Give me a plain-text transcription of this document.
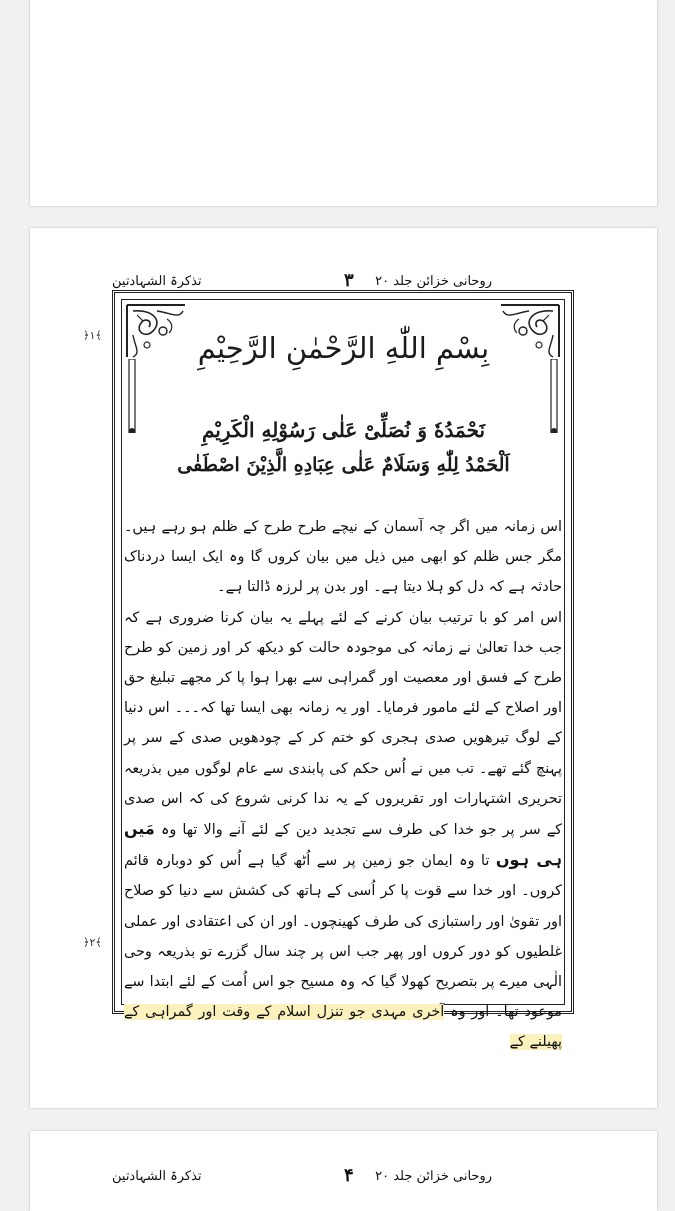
روحانی خزائن جلد ۲۰
۳
تذکرۃ الشہادتین
﴿۱﴾
﴿۲﴾
بِسْمِ اللّٰهِ الرَّحْمٰنِ الرَّحِيْمِ
نَحْمَدُهٗ وَ نُصَلِّیْ عَلٰی رَسُوْلِهِ الْكَرِيْمِ
اَلْحَمْدُ لِلّٰهِ وَسَلَامٌ عَلٰی عِبَادِهِ الَّذِيْنَ اصْطَفٰی

اس زمانہ میں اگر چہ آسمان کے نیچے طرح طرح کے ظلم ہو رہے ہیں۔ مگر جس ظلم کو ابھی میں ذیل میں بیان کروں گا وہ ایک ایسا دردناک حادثہ ہے کہ دل کو ہلا دیتا ہے۔ اور بدن پر لرزہ ڈالتا ہے۔

اس امر کو با ترتیب بیان کرنے کے لئے پہلے یہ بیان کرنا ضروری ہے کہ جب خدا تعالیٰ نے زمانہ کی موجودہ حالت کو دیکھ کر اور زمین کو طرح طرح کے فسق اور معصیت اور گمراہی سے بھرا ہوا پا کر مجھے تبلیغ حق اور اصلاح کے لئے مامور فرمایا۔ اور یہ زمانہ بھی ایسا تھا کہ۔۔۔ اس دنیا کے لوگ تیرھویں صدی ہجری کو ختم کر کے چودھویں صدی کے سر پر پہنچ گئے تھے۔ تب میں نے اُس حکم کی پابندی سے عام لوگوں میں بذریعہ تحریری اشتہارات اور تقریروں کے یہ ندا کرنی شروع کی کہ اس صدی کے سر پر جو خدا کی طرف سے تجدید دین کے لئے آنے والا تھا وہ مَیں ہی ہوں تا وہ ایمان جو زمین پر سے اُٹھ گیا ہے اُس کو دوبارہ قائم کروں۔ اور خدا سے قوت پا کر اُسی کے ہاتھ کی کشش سے دنیا کو صلاح اور تقویٰ اور راستبازی کی طرف کھینچوں۔ اور ان کی اعتقادی اور عملی غلطیوں کو دور کروں اور پھر جب اس پر چند سال گزرے تو بذریعہ وحی الٰہی میرے پر بتصریح کھولا گیا کہ وہ مسیح جو اس اُمت کے لئے ابتدا سے موعود تھا۔ اور وہ آخری مہدی جو تنزل اسلام کے وقت اور گمراہی کے پھیلنے کے

روحانی خزائن جلد ۲۰
۴
تذکرۃ الشہادتین
